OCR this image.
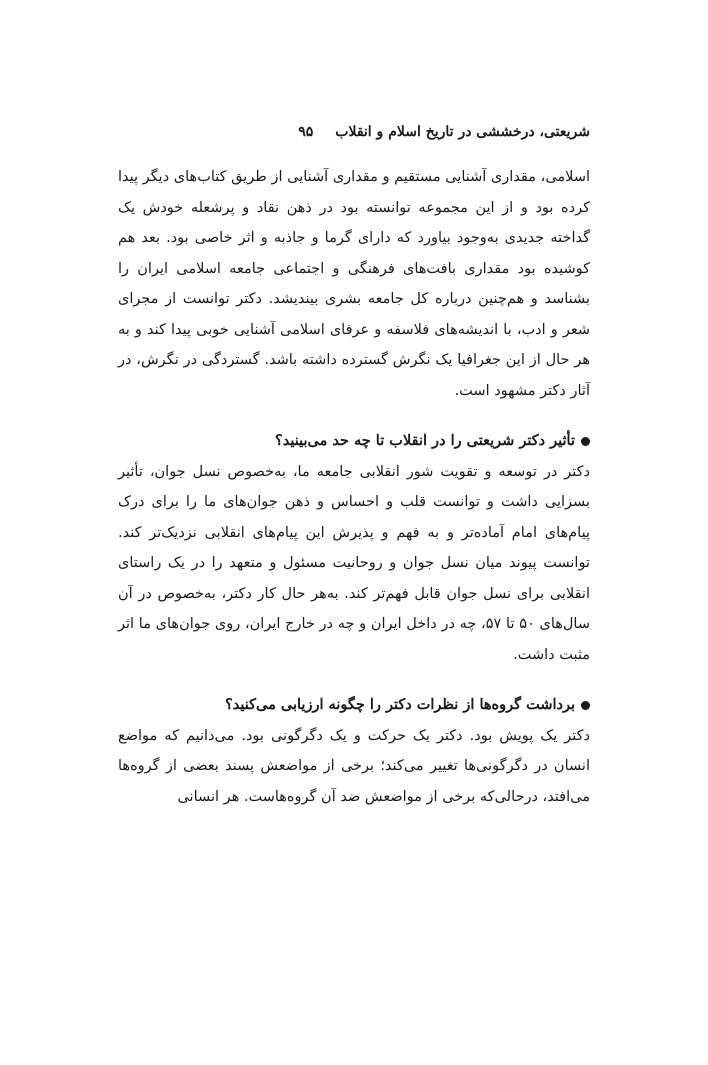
شریعتی، درخششی در تاریخ اسلام و انقلاب
۹۵

اسلامی، مقداری آشنایی مستقیم و مقداری آشنایی از طریق کتاب‌های دیگر پیدا کرده بود و از این مجموعه توانسته بود در ذهن نقاد و پرشعله خودش یک گداخته جدیدی به‌وجود بیاورد که دارای گرما و جاذبه و اثر خاصی بود. بعد هم کوشیده بود مقداری بافت‌های فرهنگی و اجتماعی جامعه اسلامی ایران را بشناسد و هم‌چنین درباره کل جامعه بشری بیندیشد. دکتر توانست از مجرای شعر و ادب، با اندیشه‌های فلاسفه و عرفای اسلامی آشنایی خوبی پیدا کند و به هر حال از این جغرافیا یک نگرش گسترده داشته باشد. گستردگی در نگرش، در آثار دکتر مشهود است.

تأثیر دکتر شریعتی را در انقلاب تا چه حد می‌بینید؟

دکتر در توسعه و تقویت شور انقلابی جامعه ما، به‌خصوص نسل جوان، تأثیر بسزایی داشت و توانست قلب و احساس و ذهن جوان‌های ما را برای درک پیام‌های امام آماده‌تر و به فهم و پذیرش این پیام‌های انقلابی نزدیک‌تر کند. توانست پیوند میان نسل جوان و روحانیت مسئول و متعهد را در یک راستای انقلابی برای نسل جوان قابل فهم‌تر کند. به‌هر حال کار دکتر، به‌خصوص در آن سال‌های ۵۰ تا ۵۷، چه در داخل ایران و چه در خارج ایران، روی جوان‌های ما اثر مثبت داشت.

برداشت گروه‌ها از نظرات دکتر را چگونه ارزیابی می‌کنید؟

دکتر یک پویش بود. دکتر یک حرکت و یک دگرگونی بود. می‌دانیم که مواضع انسان در دگرگونی‌ها تغییر می‌کند؛ برخی از مواضعش پسند بعضی از گروه‌ها می‌افتد، درحالی‌که برخی از مواضعش ضد آن گروه‌هاست. هر انسانی
